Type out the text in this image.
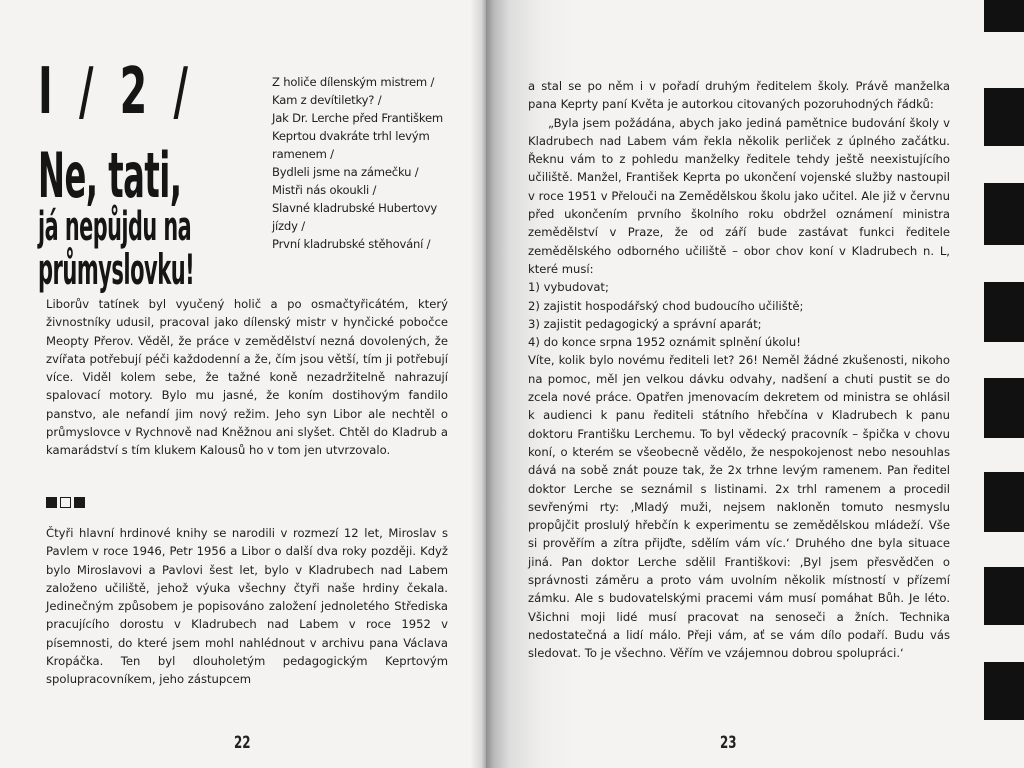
I / 2 /
Ne, tati,
já nepůjdu na
průmyslovku!
Z holiče dílenským mistrem /
Kam z devítiletky? /
Jak Dr. Lerche před Františkem
Keprtou dvakráte trhl levým
ramenem /
Bydleli jsme na zámečku /
Mistři nás okoukli /
Slavné kladrubské Hubertovy
jízdy /
První kladrubské stěhování /

Liborův tatínek byl vyučený holič a po osmačtyřicátém, který živnostníky udusil, pracoval jako dílenský mistr v hynčické pobočce Meopty Přerov. Věděl, že práce v zemědělství nezná dovolených, že zvířata potřebují péči každodenní a že, čím jsou větší, tím ji potřebují více. Viděl kolem sebe, že tažné koně nezadržitelně nahrazují spalovací motory. Bylo mu jasné, že koním dostihovým fandilo panstvo, ale nefandí jim nový režim. Jeho syn Libor ale nechtěl o průmyslovce v Rychnově nad Kněžnou ani slyšet. Chtěl do Kladrub a kamarádství s tím klukem Kalousů ho v tom jen utvrzovalo.

Čtyři hlavní hrdinové knihy se narodili v rozmezí 12 let, Miroslav s Pavlem v roce 1946, Petr 1956 a Libor o další dva roky později. Když bylo Miroslavovi a Pavlovi šest let, bylo v Kladrubech nad Labem založeno učiliště, jehož výuka všechny čtyři naše hrdiny čekala. Jedinečným způsobem je popisováno založení jednoletého Střediska pracujícího dorostu v Kladrubech nad Labem v roce 1952 v písemnosti, do které jsem mohl nahlédnout v archivu pana Václava Kropáčka. Ten byl dlouholetým pedagogickým Keprtovým spolupracovníkem, jeho zástupcem

22

a stal se po něm i v pořadí druhým ředitelem školy. Právě manželka pana Keprty paní Květa je autorkou citovaných pozoruhodných řádků:

„Byla jsem požádána, abych jako jediná pamětnice budování školy v Kladrubech nad Labem vám řekla několik perliček z úplného začátku. Řeknu vám to z pohledu manželky ředitele tehdy ještě neexistujícího učiliště. Manžel, František Keprta po ukončení vojenské služby nastoupil v roce 1951 v Přelouči na Zemědělskou školu jako učitel. Ale již v červnu před ukončením prvního školního roku obdržel oznámení ministra zemědělství v Praze, že od září bude zastávat funkci ředitele zemědělského odborného učiliště – obor chov koní v Kladrubech n. L, které musí:

1) vybudovat;

2) zajistit hospodářský chod budoucího učiliště;

3) zajistit pedagogický a správní aparát;

4) do konce srpna 1952 oznámit splnění úkolu!

Víte, kolik bylo novému řediteli let? 26! Neměl žádné zkušenosti, nikoho na pomoc, měl jen velkou dávku odvahy, nadšení a chuti pustit se do zcela nové práce. Opatřen jmenovacím dekretem od ministra se ohlásil k audienci k panu řediteli státního hřebčína v Kladrubech k panu doktoru Františku Lerchemu. To byl vědecký pracovník – špička v chovu koní, o kterém se všeobecně vědělo, že nespokojenost nebo nesouhlas dává na sobě znát pouze tak, že 2x trhne levým ramenem. Pan ředitel doktor Lerche se seznámil s listinami. 2x trhl ramenem a procedil sevřenými rty: ‚Mladý muži, nejsem nakloněn tomuto nesmyslu propůjčit proslulý hřebčín k experimentu se zemědělskou mládeží. Vše si prověřím a zítra přijďte, sdělím vám víc.‘ Druhého dne byla situace jiná. Pan doktor Lerche sdělil Františkovi: ‚Byl jsem přesvědčen o správnosti záměru a proto vám uvolním několik místností v přízemí zámku. Ale s budovatelskými pracemi vám musí pomáhat Bůh. Je léto. Všichni moji lidé musí pracovat na senoseči a žních. Technika nedostatečná a lidí málo. Přeji vám, ať se vám dílo podaří. Budu vás sledovat. To je všechno. Věřím ve vzájemnou dobrou spolupráci.‘

23
